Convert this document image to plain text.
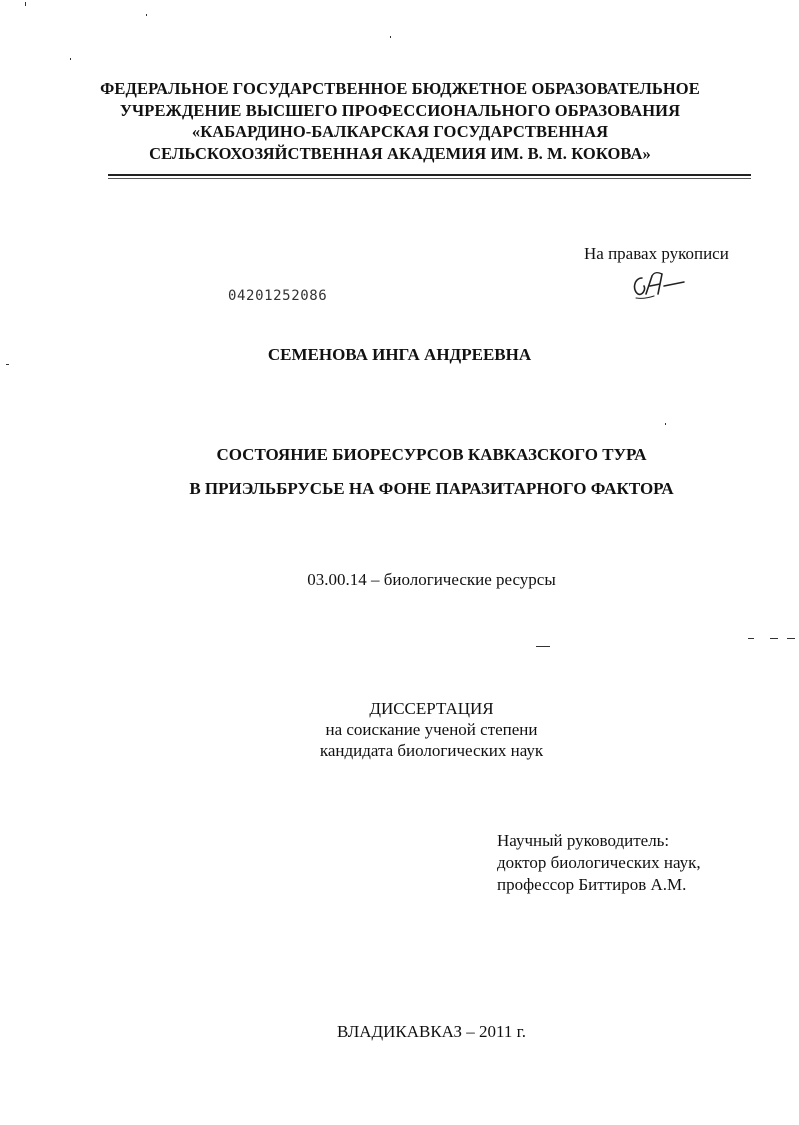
ФЕДЕРАЛЬНОЕ ГОСУДАРСТВЕННОЕ БЮДЖЕТНОЕ ОБРАЗОВАТЕЛЬНОЕ
УЧРЕЖДЕНИЕ ВЫСШЕГО ПРОФЕССИОНАЛЬНОГО ОБРАЗОВАНИЯ
«КАБАРДИНО-БАЛКАРСКАЯ ГОСУДАРСТВЕННАЯ
СЕЛЬСКОХОЗЯЙСТВЕННАЯ АКАДЕМИЯ ИМ. В. М. КОКОВА»
На правах рукописи
04201252086
СЕМЕНОВА ИНГА АНДРЕЕВНА
СОСТОЯНИЕ БИОРЕСУРСОВ КАВКАЗСКОГО ТУРА
В ПРИЭЛЬБРУСЬЕ НА ФОНЕ ПАРАЗИТАРНОГО ФАКТОРА
03.00.14 – биологические ресурсы
ДИССЕРТАЦИЯ
на соискание ученой степени
кандидата биологических наук
Научный руководитель:
доктор биологических наук,
профессор Биттиров А.М.
ВЛАДИКАВКАЗ – 2011 г.
